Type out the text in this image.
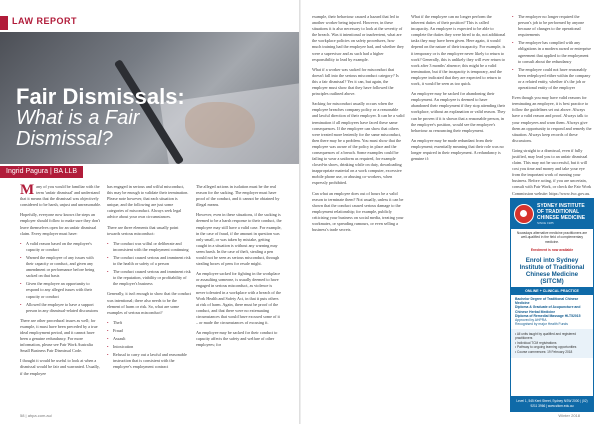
LAW REPORT
Fair Dismissals:
What is a Fair Dismissal?
Ingrid Pagura | BA LLB

Many of you would be familiar with the term 'unfair dismissal' and understand that it means that the dismissal was objectively considered to be harsh, unjust and unreasonable.

Hopefully, everyone now knows the steps an employer should follow to make sure they don't leave themselves open for an unfair dismissal claim. Every employer must have:

• A valid reason based on the employee's capacity or conduct
• Warned the employee of any issues with their capacity or conduct, and given any amendment or performance before being sacked on that basis
• Given the employee an opportunity to respond to any alleged issues with their capacity or conduct
• Allowed the employee to have a support person in any dismissal-related discussions

There are other procedural issues as well; for example, it must have been preceded by a true ideal employment period, and it cannot have been a genuine redundancy. For more information, please see Fair Work Australia Small Business Fair Dismissal Code.

I thought it would be useful to look at when a dismissal would be fair and warranted. Usually, if the employee

has engaged in serious and wilful misconduct, this may be enough to validate their termination. Please note however, that each situation is unique, and the following are just some categories of misconduct. Always seek legal advice about your own circumstances.

There are three elements that usually point towards serious misconduct:

• The conduct was wilful or deliberate and inconsistent with the employment continuing
• The conduct caused serious and imminent risk to the health or safety of a person
• The conduct caused serious and imminent risk to the reputation, viability or profitability of the employer's business

Generally, it isn't enough to show that the conduct was intentional; there also needs to be the element of harm or risk. So, what are some examples of serious misconduct?

• Theft
• Fraud
• Assault
• Intoxication
• Refusal to carry out a lawful and reasonable instruction that is consistent with the employee's employment contract

The alleged actions in isolation must be the real reason for the sacking. The employer must have proof of the conduct, and it cannot be obtained by illegal means.

However, even in these situations, if the sacking is deemed to be a harsh response to their conduct, the employee may still have a valid case. For example, in the case of fraud, if the amount in question was only small, or was taken by mistake, getting caught in a situation is without any warning may seem harsh. In the case of theft, stealing a pen would not be seen as serious misconduct, through stealing boxes of pens for resale might.

An employee sacked for fighting in the workplace or assaulting someone, is usually deemed to have engaged in serious misconduct, as violence is never tolerated in a workplace with a breach of the Work Health and Safety Act, in that it puts others at risk of harm. Again, there must be proof of the conduct, and that there were no extenuating circumstances that would have excused some of it – or made the circumstances of excusing it.

An employee may be sacked for their conduct to capacity affects the safety and welfare of other employees; for

58 | ahpa.com.au/

example, their behaviour caused a hazard that led to another worker being injured. However, in these situations it is also necessary to look at the severity of the breach. Was it intentional or inadvertent, what are the workplace policies on safety procedures, how much training had the employee had, and whether they were a supervisor and as such had a higher responsibility to lead by example.

What if a worker was sacked for misconduct that doesn't fall into the serious misconduct category? Is this a fair dismissal? Yes it can, but again, the employer must show that they have followed the principles outlined above.

Sacking for misconduct usually occurs when the employee breaches company policy or a reasonable and lawful direction of their employer. It can be a valid termination if all employees have faced these same consequences. If the employee can show that others were treated more leniently for the same misconduct, then there may be a problem. You must show that the employee was aware of the policy in place and the consequences of a breach. Some examples could be failing to wear a uniform as required, for example closed-in shoes, drinking while on duty, downloading inappropriate material on a work computer, excessive mobile phone use, or abusing co-workers, when expressly prohibited.

Can what an employee does out of hours be a valid reason to terminate them? Not usually, unless it can be shown that the conduct caused serious damage to the employment relationship; for example, publicly criticising your business on social media, treating your workmates, or spreading rumours, or even selling a business's trade secrets.

What if the employee can no longer perform the inherent duties of their position? This is called incapacity. An employee is expected to be able to complete the duties they were hired to do, not additional tasks they may have been given. Here again, it would depend on the nature of their incapacity. For example, is it temporary or is the employee never likely to return to work? Generally, this is unlikely they will ever return to work after 3 months' absence; this might be a valid termination, but if the incapacity is temporary, and the employee indicated that they are expected to return to work, it would be seen as too quick.

An employee may be sacked for abandoning their employment. An employee is deemed to have abandoned their employment if they stop attending their workplace, without an explanation or valid reason. They can be proven if it is shown that a reasonable person, in the employee's position, would see the employee's behaviour as renouncing their employment.

An employee may be made redundant from their employment; essentially meaning that their role was no longer required in their employment. A redundancy is genuine if:

• The employer no longer required the person's job to be performed by anyone because of changes to the operational requirements
• The employer has complied with any obligations in a modern award or enterprise agreement that applied to the employment to consult about the redundancy
• The employee could not have reasonably been redeployed either within the company or a related entity, whether it's the job or operational entity of the employer

Even though you may have valid reasons for terminating an employee, it is best practice to follow the guidelines set out above. Always have a valid reason and proof. Always talk to your employees and warn them. Always give them an opportunity to respond and remedy the situation. Always keep records of these discussions.

Going straight to a dismissal, even if fully justified, may lead you to an unfair dismissal claim. This may not be successful, but it will cost you time and money and take your eye from the important work of running your business. Before acting, if you are uncertain, consult with Fair Work, or check the Fair Work Commission website: https://www.fwc.gov.au.

SYDNEY INSTITUTE OF TRADITIONAL CHINESE MEDICINE
SINCE 1985
Nowadays alternative medicine practitioners are well-qualified in the field of complementary medicine.
Enrolment is now available
Enrol into Sydney Institute of Traditional Chinese Medicine (SITCM)
ONLINE + CLINICAL PRACTICE
Bachelor Degree of Traditional Chinese Medicine
Diploma & Graduate of Acupuncture and Chinese Herbal Medicine
Diploma of Remedial Massage HLT52015
Approved by AHPRA
Recognised by major Health Funds
• All units taught by qualified and registered practitioners
• Individual TCM registrations
• Pathway to ongoing learning opportunities
• Course commences: 19 February 2018
Level 1, 545 Kent Street, Sydney NSW 2000 | (02) 9211 3966 | www.sitcm.edu.au
Winter 2018
